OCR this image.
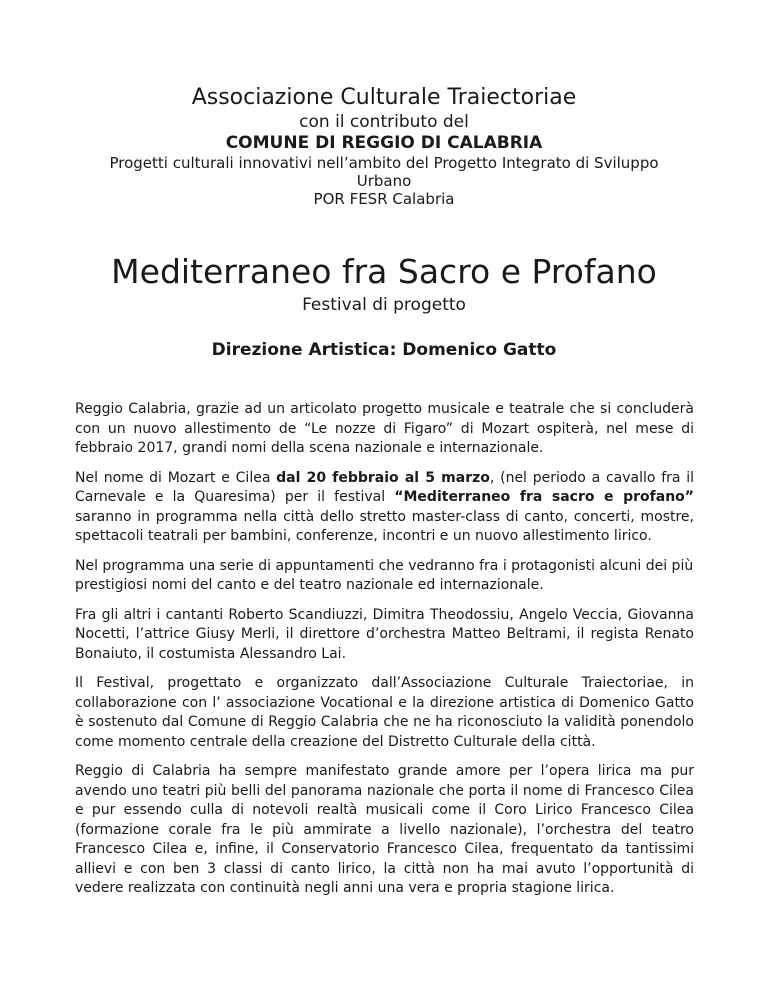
Associazione Culturale Traiectoriae

con il contributo del

COMUNE DI REGGIO DI CALABRIA

Progetti culturali innovativi nell’ambito del Progetto Integrato di Sviluppo

Urbano

POR FESR Calabria

Mediterraneo fra Sacro e Profano

Festival di progetto

Direzione Artistica: Domenico Gatto

Reggio Calabria, grazie ad un articolato progetto musicale e teatrale che si concluderà con un nuovo allestimento de “Le nozze di Figaro” di Mozart ospiterà, nel mese di febbraio 2017, grandi nomi della scena nazionale e internazionale.

Nel nome di Mozart e Cilea dal 20 febbraio al 5 marzo, (nel periodo a cavallo fra il Carnevale e la Quaresima) per il festival “Mediterraneo fra sacro e profano” saranno in programma nella città dello stretto master-class di canto, concerti, mostre, spettacoli teatrali per bambini, conferenze, incontri e un nuovo allestimento lirico.

Nel programma una serie di appuntamenti che vedranno fra i protagonisti alcuni dei più prestigiosi nomi del canto e del teatro nazionale ed internazionale.

Fra gli altri i cantanti Roberto Scandiuzzi, Dimitra Theodossiu, Angelo Veccia, Giovanna Nocetti, l’attrice Giusy Merli, il direttore d’orchestra Matteo Beltrami, il regista Renato Bonaiuto, il costumista Alessandro Lai.

Il Festival, progettato e organizzato dall’Associazione Culturale Traiectoriae, in collaborazione con l’ associazione Vocational e la direzione artistica di Domenico Gatto è sostenuto dal Comune di Reggio Calabria che ne ha riconosciuto la validità ponendolo come momento centrale della creazione del Distretto Culturale della città.

Reggio di Calabria ha sempre manifestato grande amore per l’opera lirica ma pur avendo uno teatri più belli del panorama nazionale che porta il nome di Francesco Cilea e pur essendo culla di notevoli realtà musicali come il Coro Lirico Francesco Cilea (formazione corale fra le più ammirate a livello nazionale), l’orchestra del teatro Francesco Cilea e, infine, il Conservatorio Francesco Cilea, frequentato da tantissimi allievi e con ben 3 classi di canto lirico, la città non ha mai avuto l’opportunità di vedere realizzata con continuità negli anni una vera e propria stagione lirica.
